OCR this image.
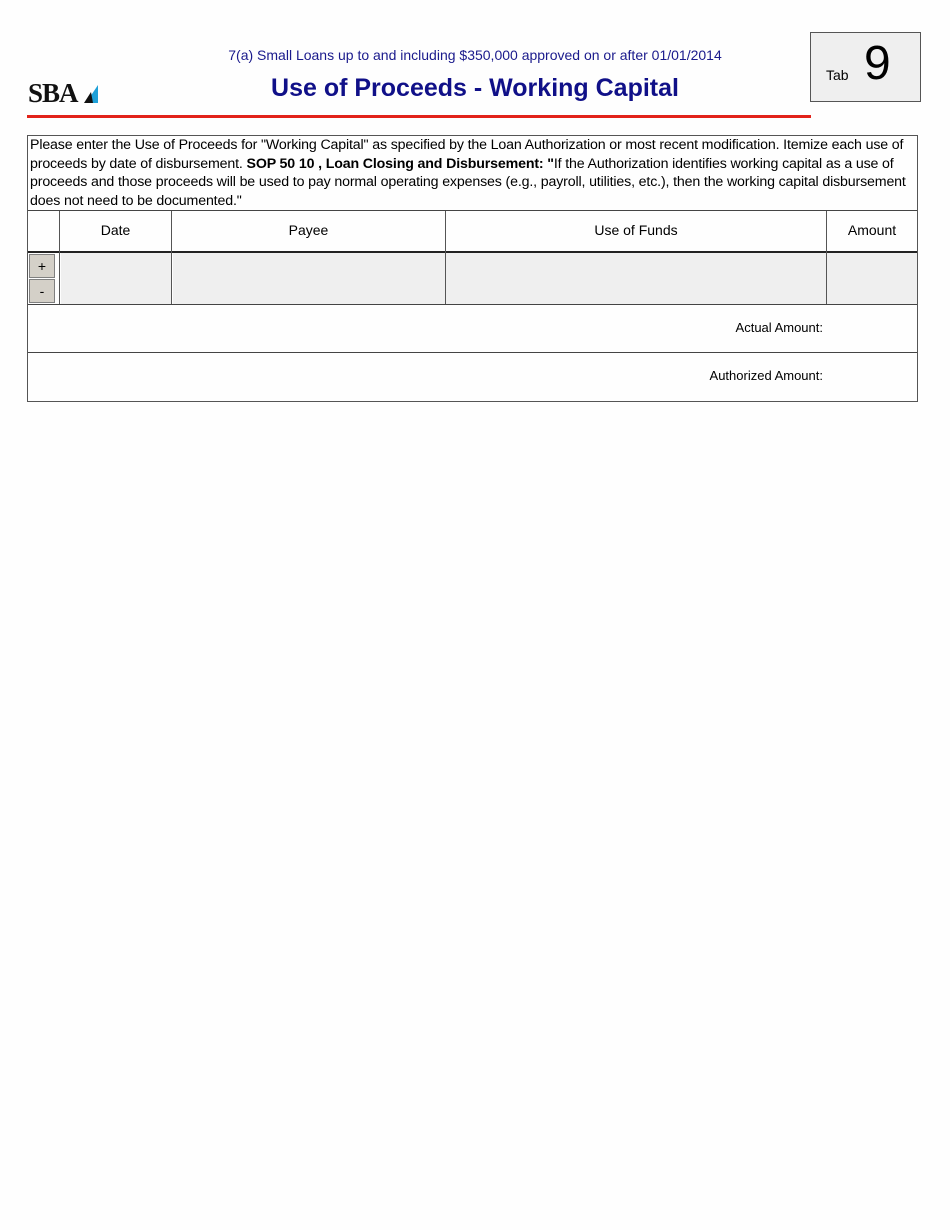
SBA
7(a) Small Loans up to and including $350,000 approved on or after 01/01/2014
Use of Proceeds - Working Capital	Tab 9
Please enter the Use of Proceeds for "Working Capital" as specified by the Loan Authorization or most recent modification. Itemize each use of proceeds by date of disbursement. SOP 50 10 , Loan Closing and Disbursement: "If the Authorization identifies working capital as a use of proceeds and those proceeds will be used to pay normal operating expenses (e.g., payroll, utilities, etc.), then the working capital disbursement does not need to be documented."
Date	Payee	Use of Funds	Amount
+
-
Actual Amount:
Authorized Amount:
